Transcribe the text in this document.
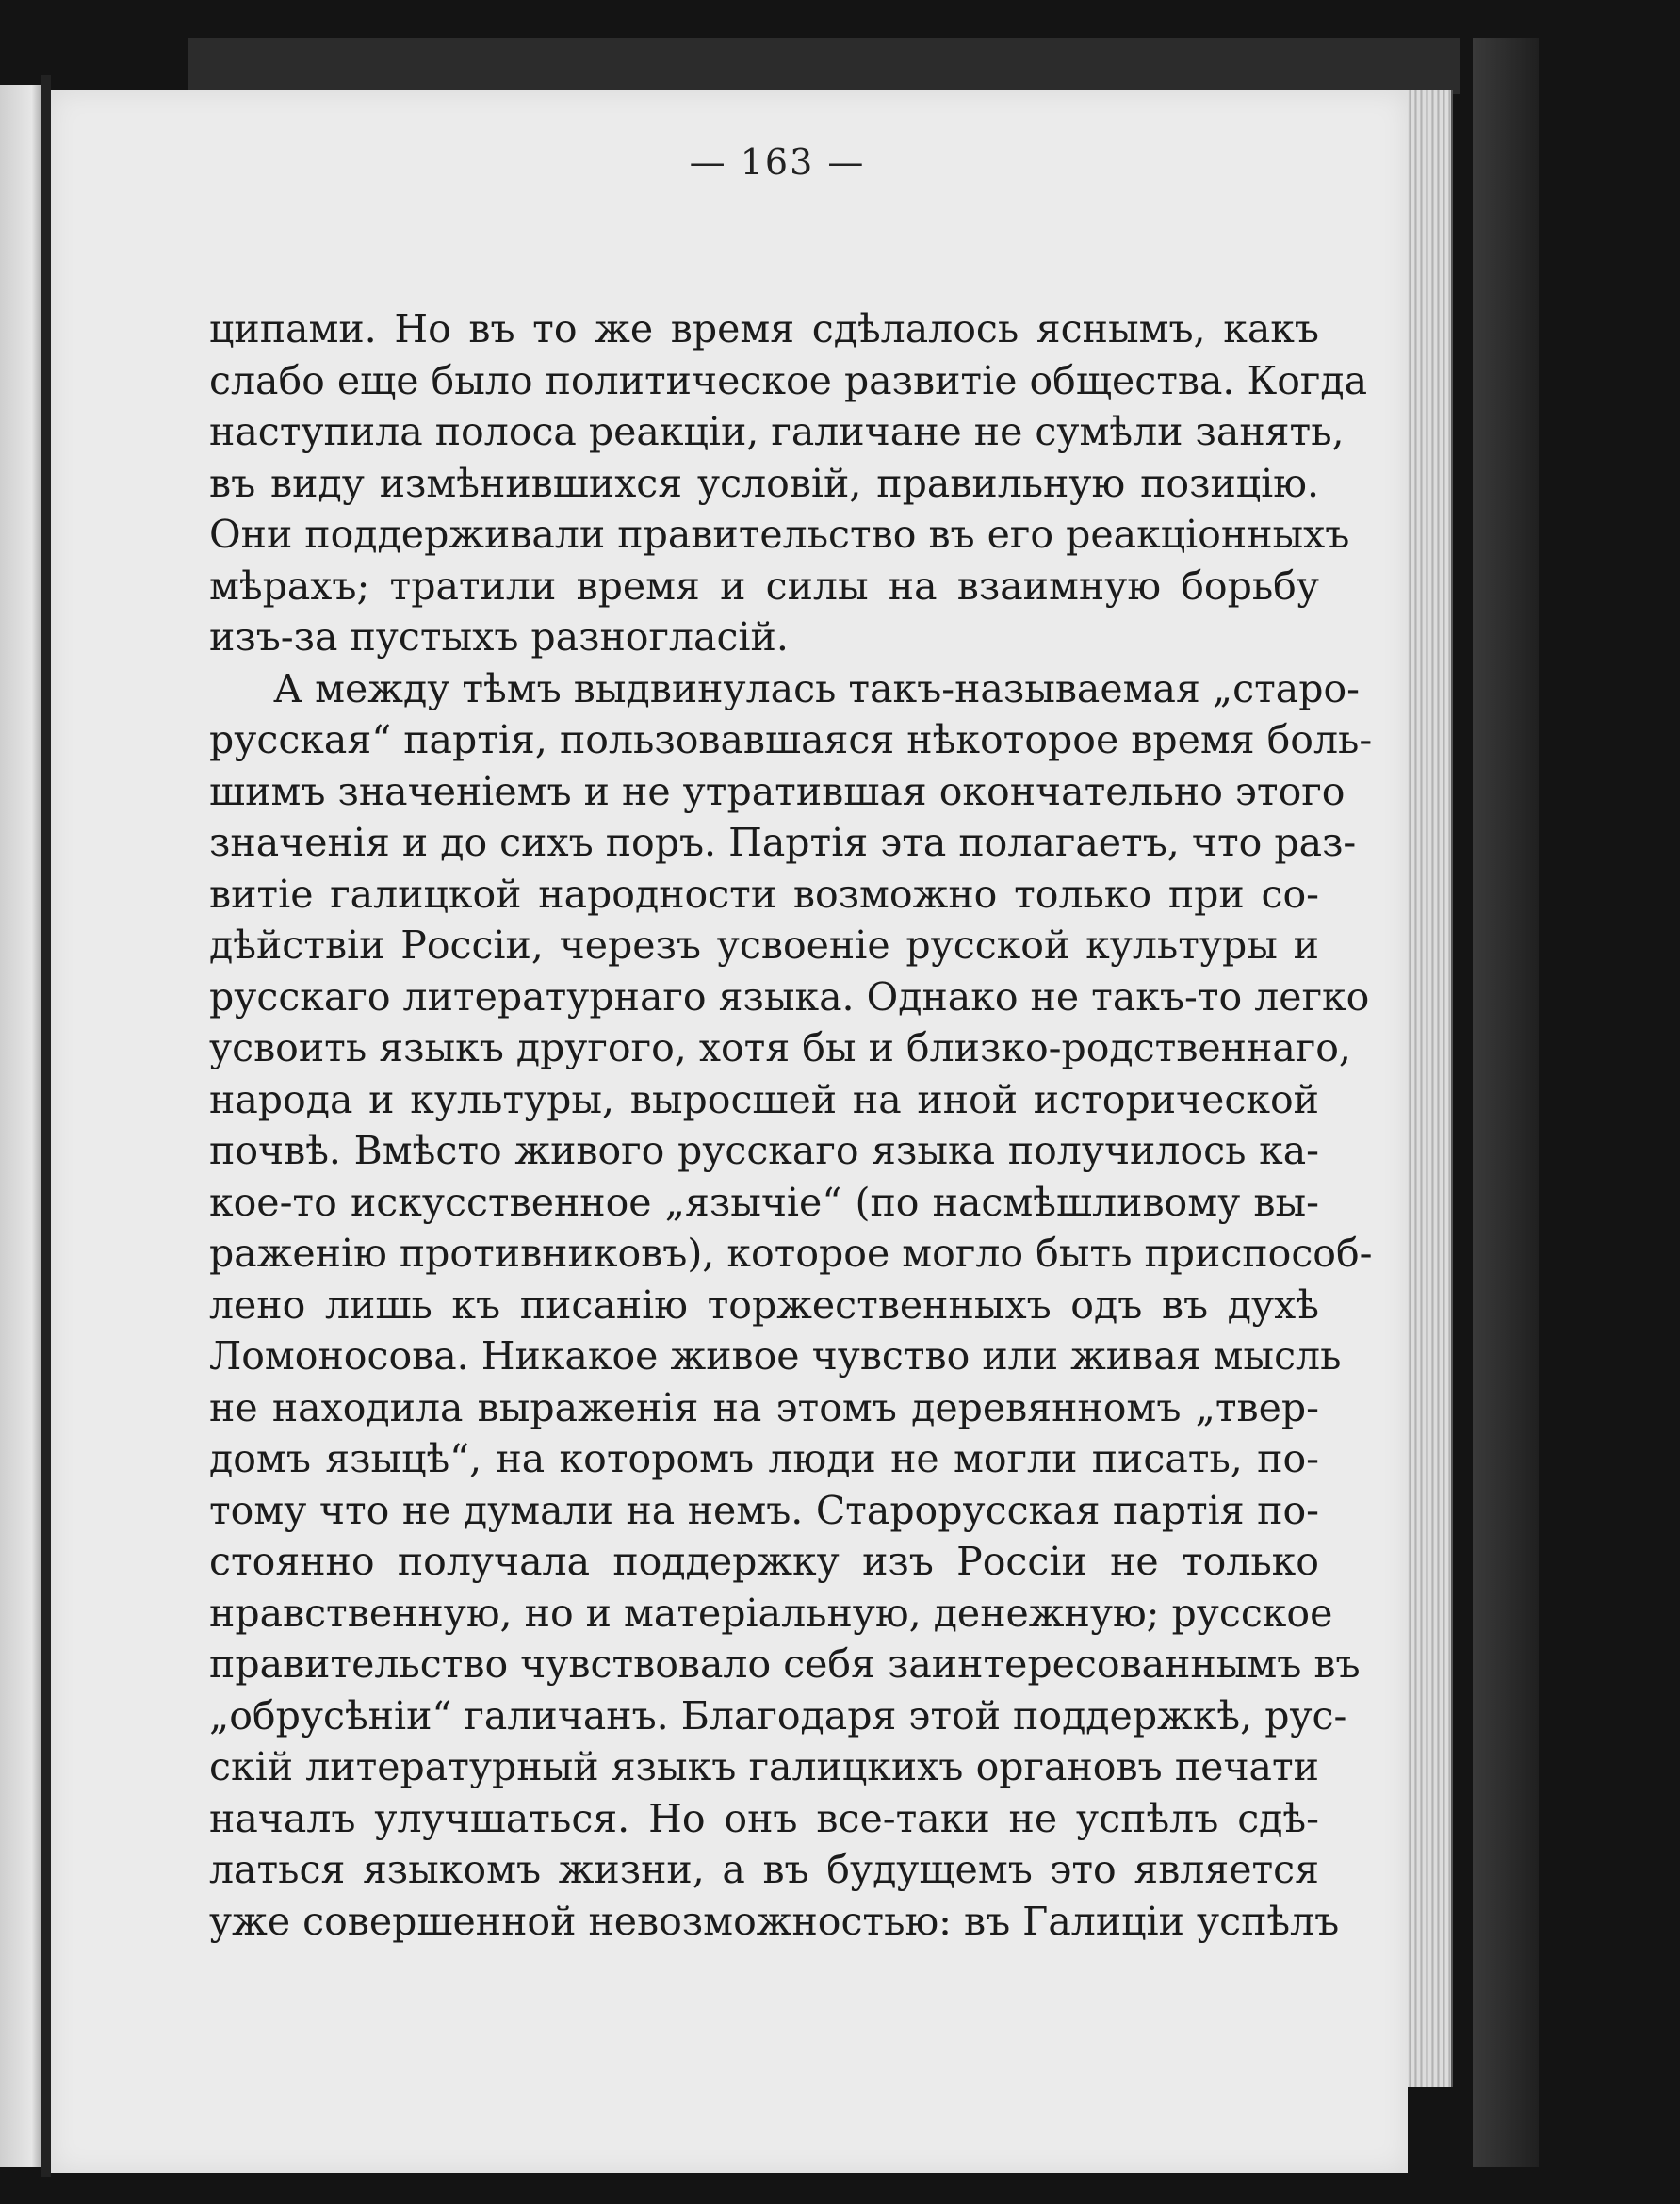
— 163 —
ципами. Но въ то же время сдѣлалось яснымъ, какъ
слабо еще было политическое развитіе общества. Когда
наступила полоса реакціи, галичане не сумѣли занять,
въ виду измѣнившихся условій, правильную позицію.
Они поддерживали правительство въ его реакціонныхъ
мѣрахъ; тратили время и силы на взаимную борьбу
изъ-за пустыхъ разногласій.
А между тѣмъ выдвинулась такъ-называемая „старо-
русская“ партія, пользовавшаяся нѣкоторое время боль-
шимъ значеніемъ и не утратившая окончательно этого
значенія и до сихъ поръ. Партія эта полагаетъ, что раз-
витіе галицкой народности возможно только при со-
дѣйствіи Россіи, черезъ усвоеніе русской культуры и
русскаго литературнаго языка. Однако не такъ-то легко
усвоить языкъ другого, хотя бы и близко-родственнаго,
народа и культуры, выросшей на иной исторической
почвѣ. Вмѣсто живого русскаго языка получилось ка-
кое-то искусственное „язычіе“ (по насмѣшливому вы-
раженію противниковъ), которое могло быть приспособ-
лено лишь къ писанію торжественныхъ одъ въ духѣ
Ломоносова. Никакое живое чувство или живая мысль
не находила выраженія на этомъ деревянномъ „твер-
домъ языцѣ“, на которомъ люди не могли писать, по-
тому что не думали на немъ. Старорусская партія по-
стоянно получала поддержку изъ Россіи не только
нравственную, но и матеріальную, денежную; русское
правительство чувствовало себя заинтересованнымъ въ
„обрусѣніи“ галичанъ. Благодаря этой поддержкѣ, рус-
скій литературный языкъ галицкихъ органовъ печати
началъ улучшаться. Но онъ все-таки не успѣлъ сдѣ-
латься языкомъ жизни, а въ будущемъ это является
уже совершенной невозможностью: въ Галиціи успѣлъ
